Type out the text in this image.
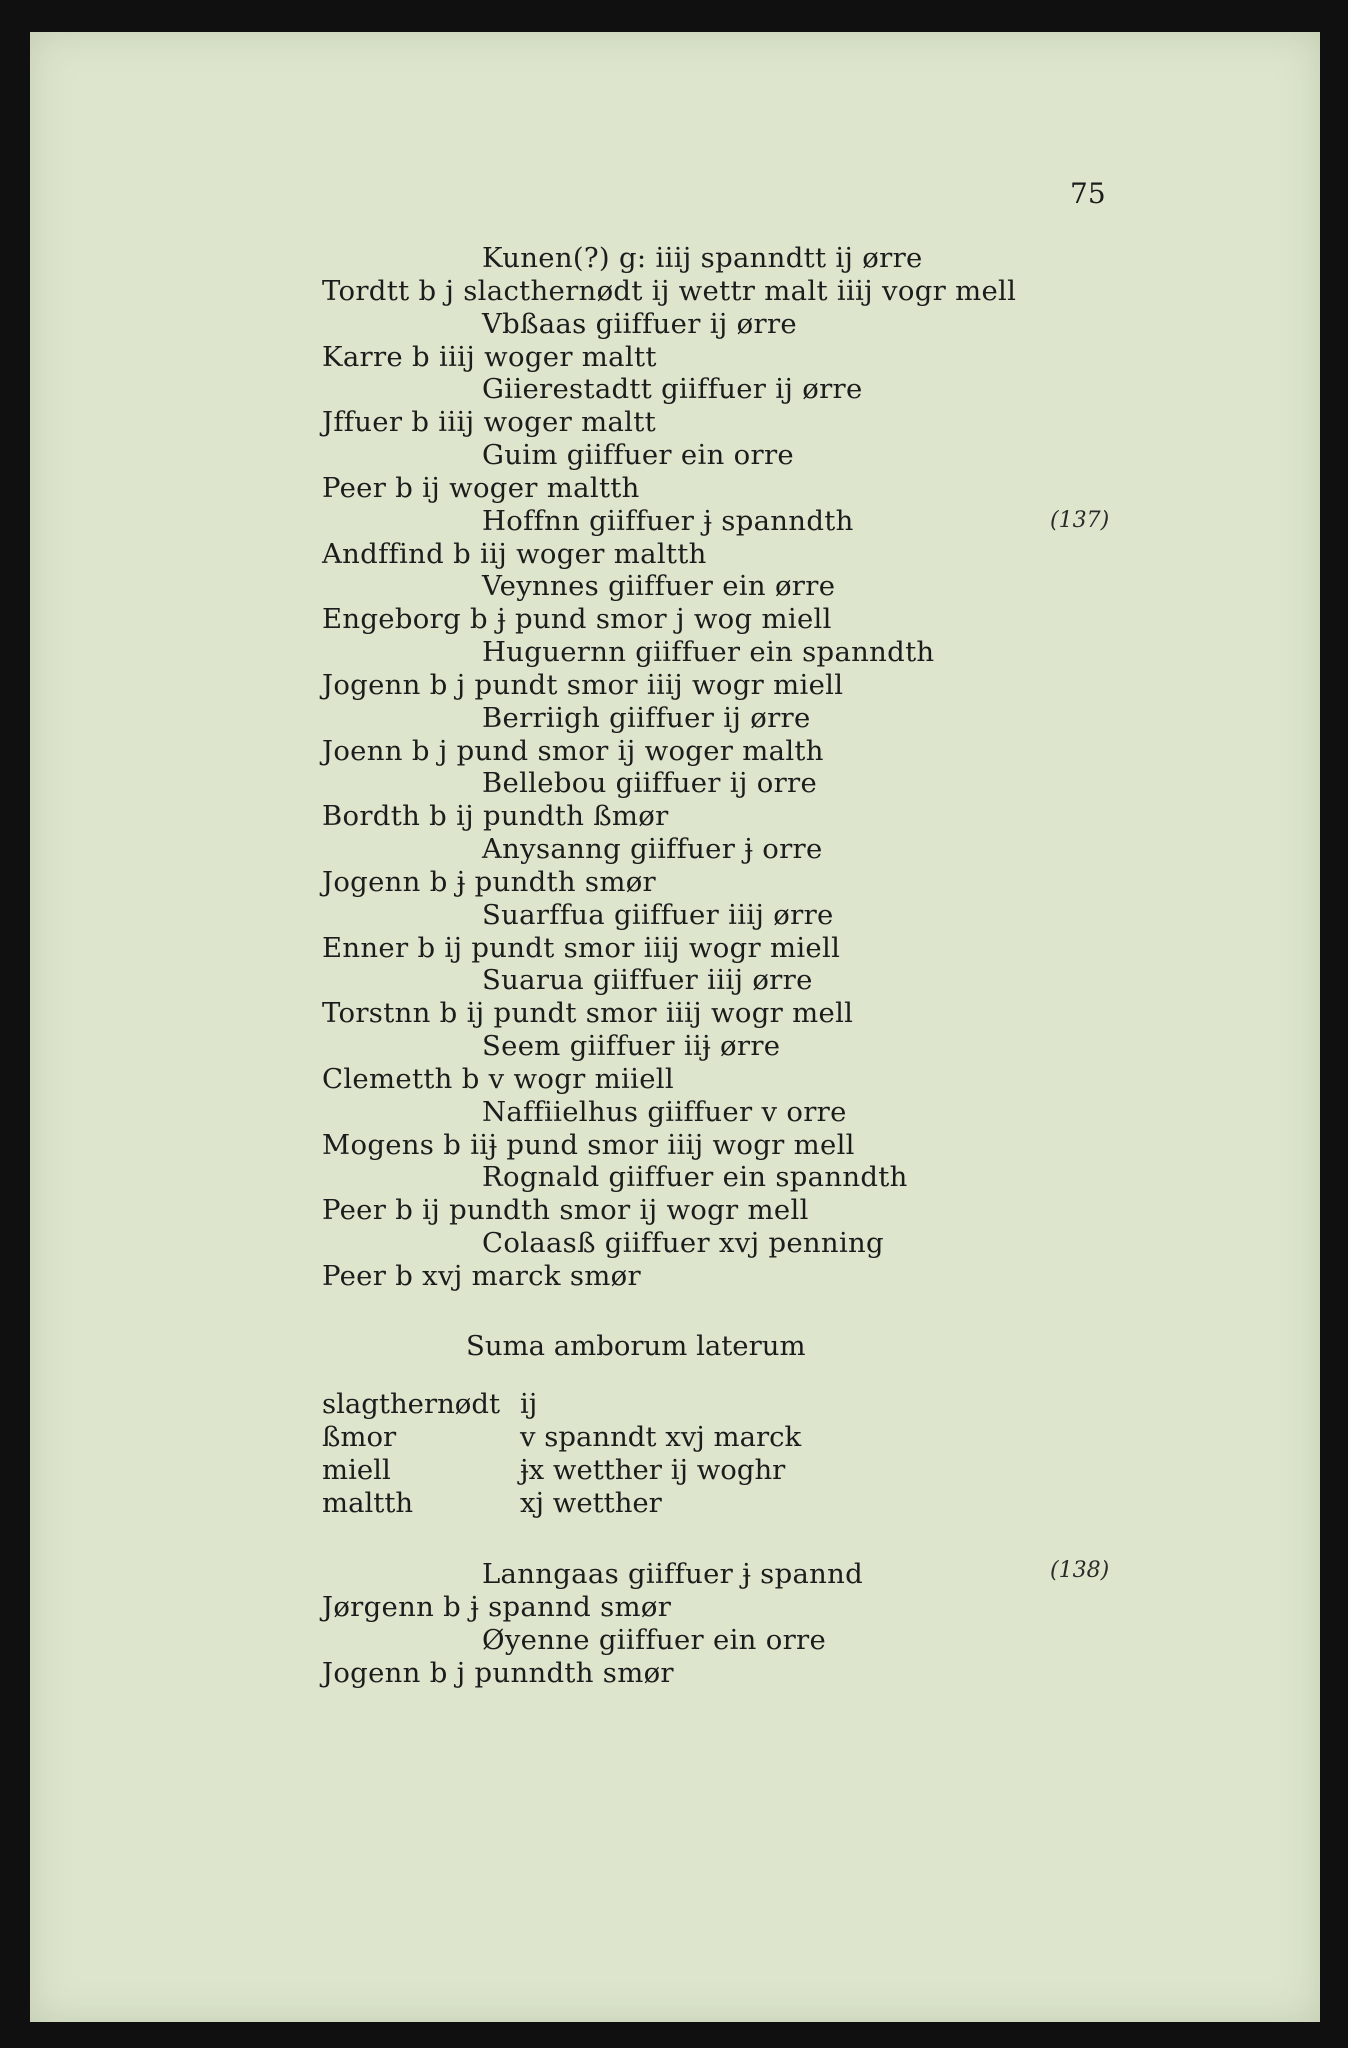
75
Kunen(?) g: iiij spanndtt ij ørre
Tordtt b j slacthernødt ij wettr malt iiij vogr mell
Vbßaas giiffuer ij ørre
Karre b iiij woger maltt
Giierestadtt giiffuer ij ørre
Jffuer b iiij woger maltt
Guim giiffuer ein orre
Peer b ij woger maltth
Hoffnn giiffuer ɉ spanndth	(137)
Andffind b iij woger maltth
Veynnes giiffuer ein ørre
Engeborg b ɉ pund smor j wog miell
Huguernn giiffuer ein spanndth
Jogenn b j pundt smor iiij wogr miell
Berriigh giiffuer ij ørre
Joenn b j pund smor ij woger malth
Bellebou giiffuer ij orre
Bordth b ij pundth ßmør
Anysanng giiffuer ɉ orre
Jogenn b ɉ pundth smør
Suarffua giiffuer iiij ørre
Enner b ij pundt smor iiij wogr miell
Suarua giiffuer iiij ørre
Torstnn b ij pundt smor iiij wogr mell
Seem giiffuer iiɉ ørre
Clemetth b v wogr miiell
Naffiielhus giiffuer v orre
Mogens b iiɉ pund smor iiij wogr mell
Rognald giiffuer ein spanndth
Peer b ij pundth smor ij wogr mell
Colaasß giiffuer xvj penning
Peer b xvj marck smør
Suma amborum laterum
slagthernødt ij
ßmor	v spanndt xvj marck
miell	ɉx wetther ij woghr
maltth	xj wetther
Lanngaas giiffuer ɉ spannd	(138)
Jørgenn b ɉ spannd smør
Øyenne giiffuer ein orre
Jogenn b j punndth smør
